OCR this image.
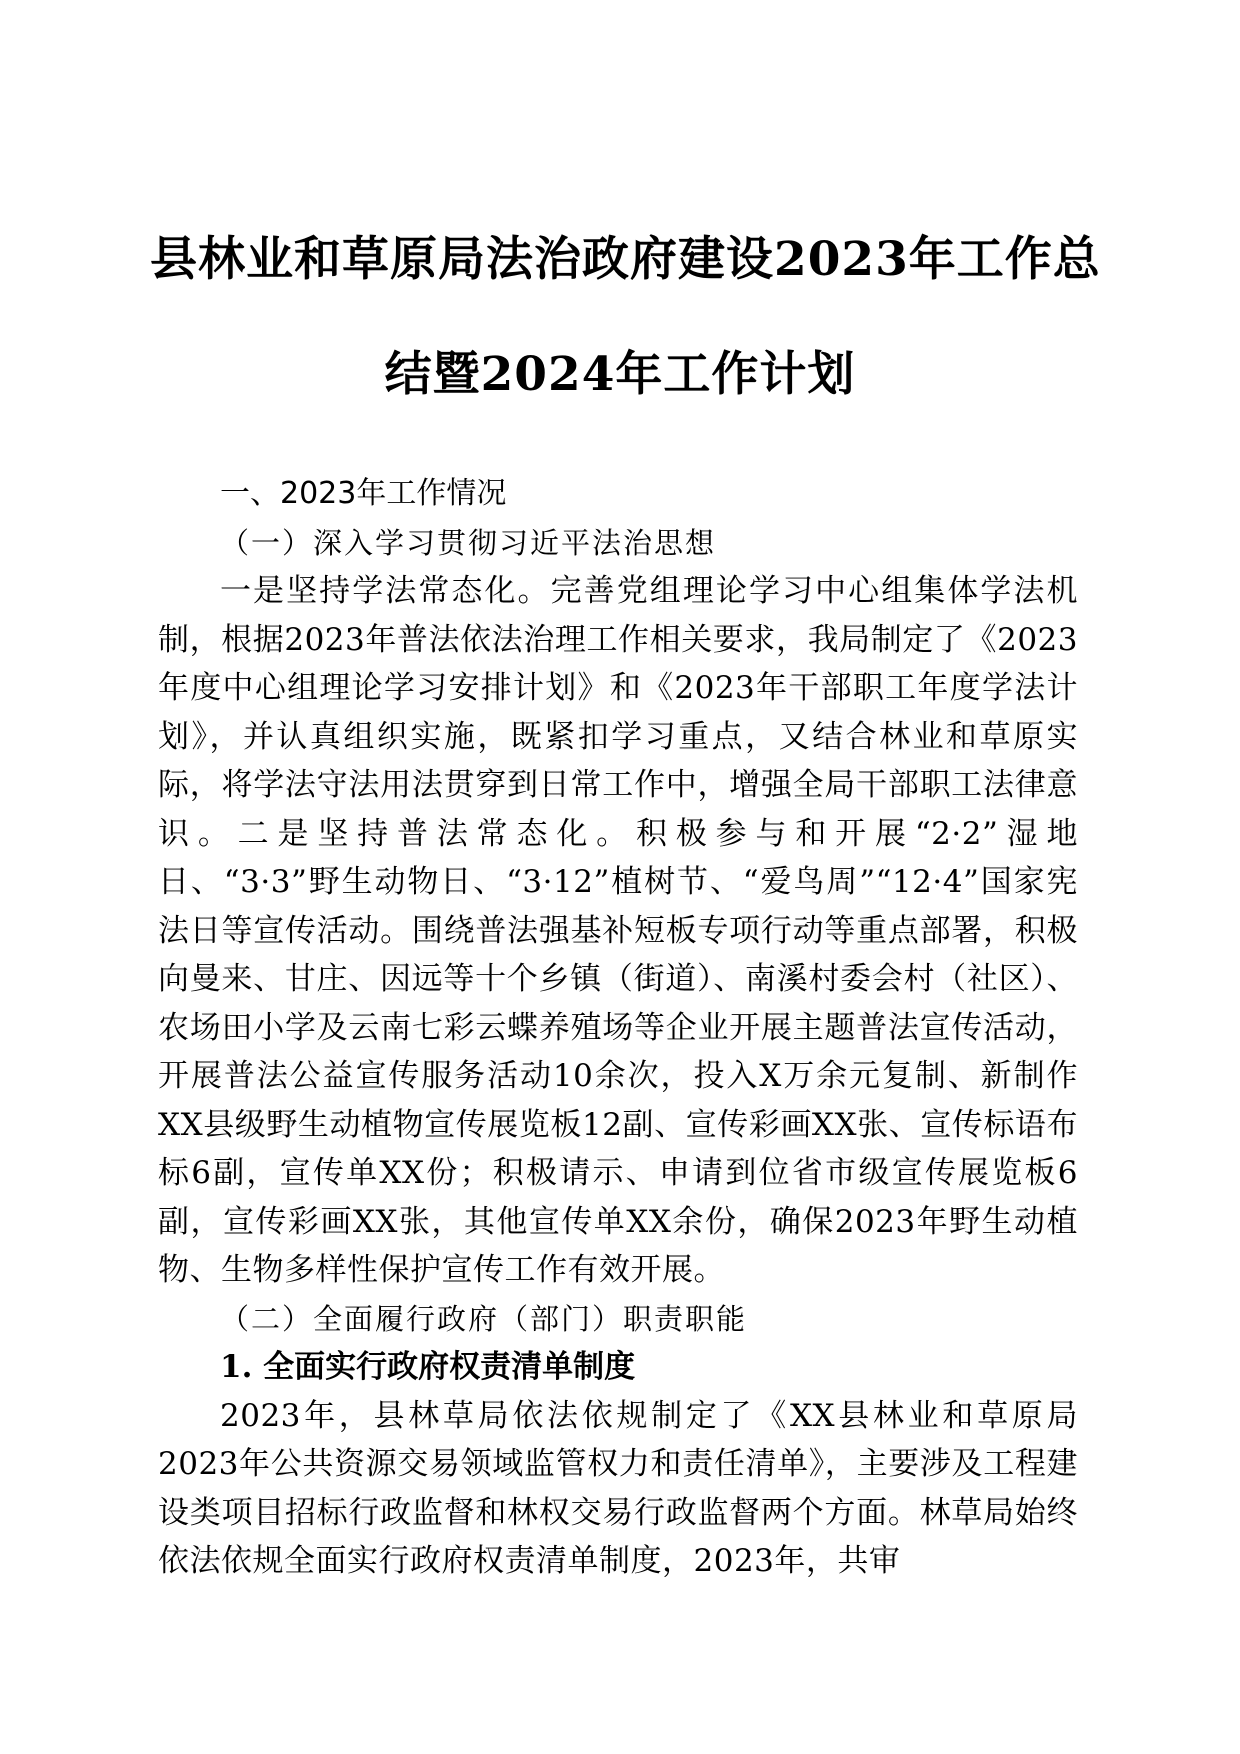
县林业和草原局法治政府建设2023年工作总
结暨2024年工作计划

一、2023年工作情况

（一）深入学习贯彻习近平法治思想

一是坚持学法常态化。完善党组理论学习中心组集体学法机制，根据2023年普法依法治理工作相关要求，我局制定了《2023年度中心组理论学习安排计划》和《2023年干部职工年度学法计划》，并认真组织实施，既紧扣学习重点，又结合林业和草原实际，将学法守法用法贯穿到日常工作中，增强全局干部职工法律意识。二是坚持普法常态化。积极参与和开展“2·2”湿地日、“3·3”野生动物日、“3·12”植树节、“爱鸟周”“12·4”国家宪法日等宣传活动。围绕普法强基补短板专项行动等重点部署，积极向曼来、甘庄、因远等十个乡镇（街道）、南溪村委会村（社区）、农场田小学及云南七彩云蝶养殖场等企业开展主题普法宣传活动，开展普法公益宣传服务活动10余次，投入X万余元复制、新制作XX县级野生动植物宣传展览板12副、宣传彩画XX张、宣传标语布标6副，宣传单XX份；积极请示、申请到位省市级宣传展览板6副，宣传彩画XX张，其他宣传单XX余份，确保2023年野生动植物、生物多样性保护宣传工作有效开展。

（二）全面履行政府（部门）职责职能

1. 全面实行政府权责清单制度

2023年，县林草局依法依规制定了《XX县林业和草原局2023年公共资源交易领域监管权力和责任清单》，主要涉及工程建设类项目招标行政监督和林权交易行政监督两个方面。林草局始终依法依规全面实行政府权责清单制度，2023年，共审
